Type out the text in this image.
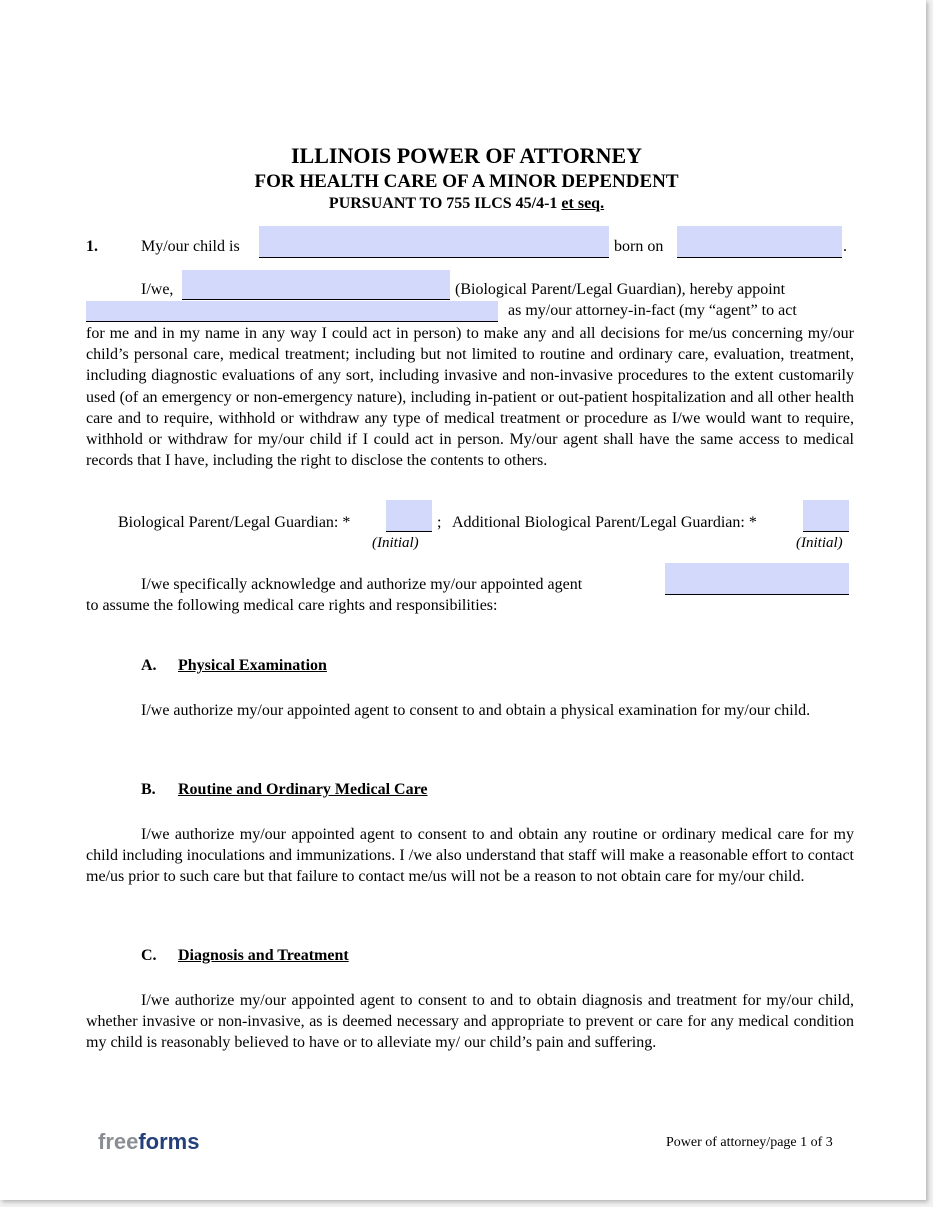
ILLINOIS POWER OF ATTORNEY
FOR HEALTH CARE OF A MINOR DEPENDENT
PURSUANT TO 755 ILCS 45/4-1 et seq.
1.	My/our child is	born on	.
I/we,	(Biological Parent/Legal Guardian), hereby appoint
as my/our attorney-in-fact (my “agent” to act
for me and in my name in any way I could act in person) to make any and all decisions for me/us concerning my/our child’s personal care, medical treatment; including but not limited to routine and ordinary care, evaluation, treatment, including diagnostic evaluations of any sort, including invasive and non-invasive procedures to the extent customarily used (of an emergency or non-emergency nature), including in-patient or out-patient hospitalization and all other health care and to require, withhold or withdraw any type of medical treatment or procedure as I/we would want to require, withhold or withdraw for my/our child if I could act in person. My/our agent shall have the same access to medical records that I have, including the right to disclose the contents to others.
Biological Parent/Legal Guardian: *	; Additional Biological Parent/Legal Guardian: *
(Initial)	(Initial)
I/we specifically acknowledge and authorize my/our appointed agent
to assume the following medical care rights and responsibilities:
A. Physical Examination
I/we authorize my/our appointed agent to consent to and obtain a physical examination for my/our child.
B. Routine and Ordinary Medical Care
I/we authorize my/our appointed agent to consent to and obtain any routine or ordinary medical care for my child including inoculations and immunizations. I /we also understand that staff will make a reasonable effort to contact me/us prior to such care but that failure to contact me/us will not be a reason to not obtain care for my/our child.
C. Diagnosis and Treatment
I/we authorize my/our appointed agent to consent to and to obtain diagnosis and treatment for my/our child, whether invasive or non-invasive, as is deemed necessary and appropriate to prevent or care for any medical condition my child is reasonably believed to have or to alleviate my/ our child’s pain and suffering.
freeforms	Power of attorney/page 1 of 3
